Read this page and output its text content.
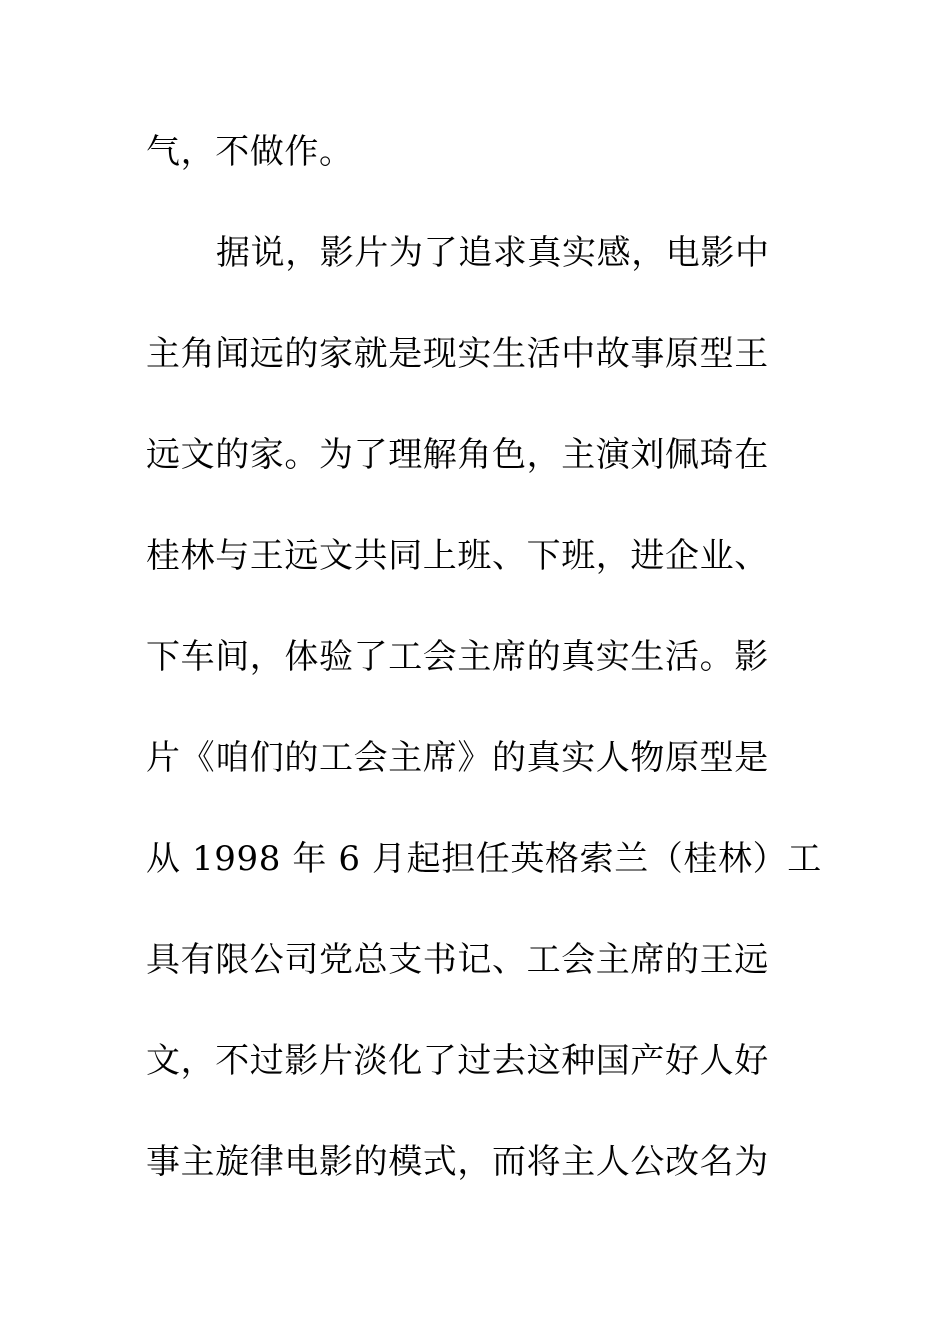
气，不做作。
据说，影片为了追求真实感，电影中
主角闻远的家就是现实生活中故事原型王
远文的家。为了理解角色，主演刘佩琦在
桂林与王远文共同上班、下班，进企业、
下车间，体验了工会主席的真实生活。影
片《咱们的工会主席》的真实人物原型是
从 1998 年 6 月起担任英格索兰（桂林）工
具有限公司党总支书记、工会主席的王远
文，不过影片淡化了过去这种国产好人好
事主旋律电影的模式，而将主人公改名为
